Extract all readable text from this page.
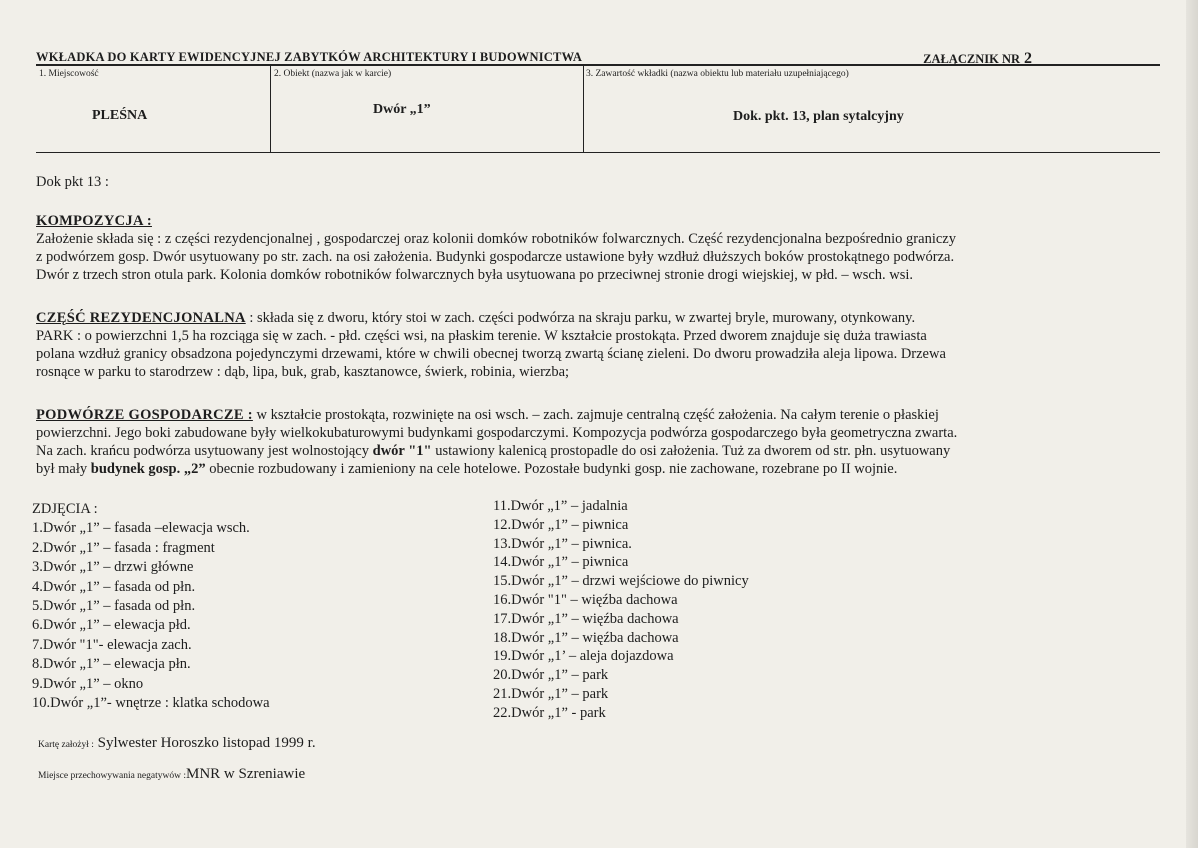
WKŁADKA DO KARTY EWIDENCYJNEJ ZABYTKÓW ARCHITEKTURY I BUDOWNICTWA	ZAŁĄCZNIK NR 2
1. Miejscowość
PLEŚNA
2. Obiekt (nazwa jak w karcie)
Dwór „1”
3. Zawartość wkładki (nazwa obiektu lub materiału uzupełniającego)
Dok. pkt. 13, plan sytalcyjny
Dok pkt 13 :
KOMPOZYCJA :
Założenie składa się : z części rezydencjonalnej , gospodarczej oraz kolonii domków robotników folwarcznych. Część rezydencjonalna bezpośrednio graniczy
z podwórzem gosp. Dwór usytuowany po str. zach. na osi założenia. Budynki gospodarcze ustawione były wzdłuż dłuższych boków prostokątnego podwórza.
Dwór z trzech stron otula park. Kolonia domków robotników folwarcznych była usytuowana po przeciwnej stronie drogi wiejskiej, w płd. – wsch. wsi.
CZĘŚĆ REZYDENCJONALNA : składa się z dworu, który stoi w zach. części podwórza na skraju parku, w zwartej bryle, murowany, otynkowany.
PARK : o powierzchni 1,5 ha rozciąga się w zach. - płd. części wsi, na płaskim terenie. W kształcie prostokąta. Przed dworem znajduje się duża trawiasta
polana wzdłuż granicy obsadzona pojedynczymi drzewami, które w chwili obecnej tworzą zwartą ścianę zieleni. Do dworu prowadziła aleja lipowa. Drzewa
rosnące w parku to starodrzew : dąb, lipa, buk, grab, kasztanowce, świerk, robinia, wierzba;
PODWÓRZE GOSPODARCZE : w kształcie prostokąta, rozwinięte na osi wsch. – zach. zajmuje centralną część założenia. Na całym terenie o płaskiej
powierzchni. Jego boki zabudowane były wielkokubaturowymi budynkami gospodarczymi. Kompozycja podwórza gospodarczego była geometryczna zwarta.
Na zach. krańcu podwórza usytuowany jest wolnostojący dwór "1" ustawiony kalenicą prostopadle do osi założenia. Tuż za dworem od str. płn. usytuowany
był mały budynek gosp. „2” obecnie rozbudowany i zamieniony na cele hotelowe. Pozostałe budynki gosp. nie zachowane, rozebrane po II wojnie.
ZDJĘCIA :
1.Dwór „1” – fasada –elewacja wsch.
2.Dwór „1” – fasada : fragment
3.Dwór „1” – drzwi główne
4.Dwór „1” – fasada od płn.
5.Dwór „1” – fasada od płn.
6.Dwór „1” – elewacja płd.
7.Dwór "1"- elewacja zach.
8.Dwór „1” – elewacja płn.
9.Dwór „1” – okno
10.Dwór „1”- wnętrze : klatka schodowa
11.Dwór „1” – jadalnia
12.Dwór „1” – piwnica
13.Dwór „1” – piwnica.
14.Dwór „1” – piwnica
15.Dwór „1” – drzwi wejściowe do piwnicy
16.Dwór "1" – więźba dachowa
17.Dwór „1” – więźba dachowa
18.Dwór „1” – więźba dachowa
19.Dwór „1’ – aleja dojazdowa
20.Dwór „1” – park
21.Dwór „1” – park
22.Dwór „1” - park
Kartę założył : Sylwester Horoszko listopad 1999 r.
Miejsce przechowywania negatywów :MNR w Szreniawie
